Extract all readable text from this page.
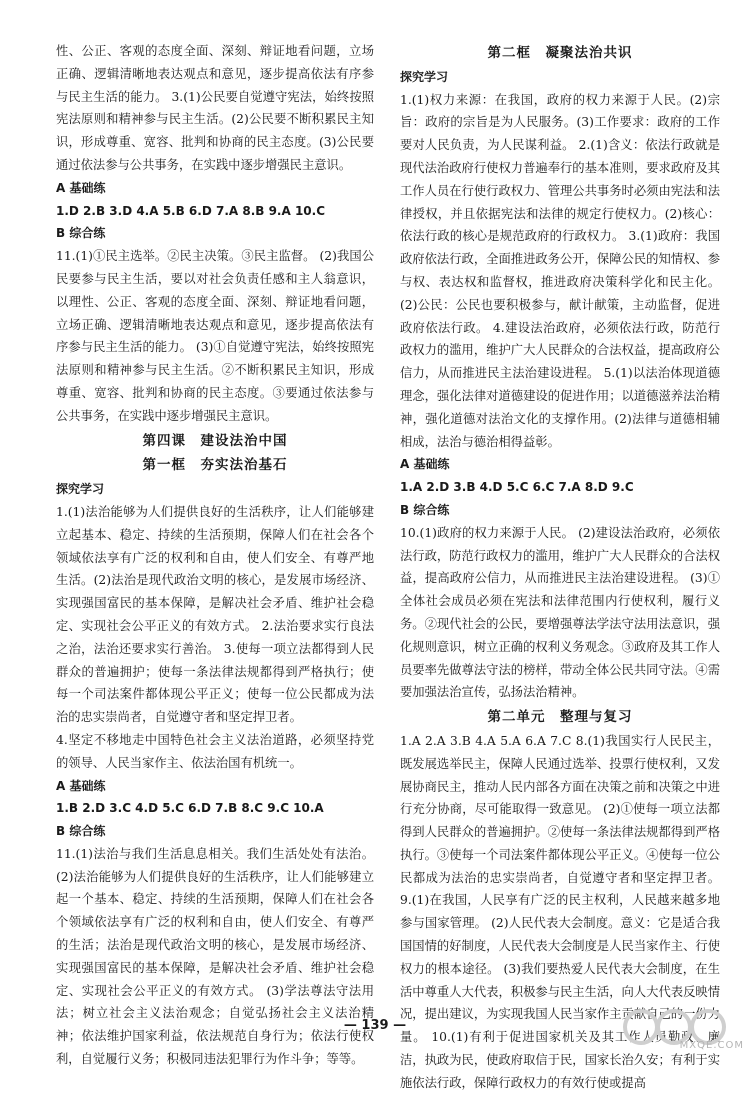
性、公正、客观的态度全面、深刻、辩证地看问题，立场正确、逻辑清晰地表达观点和意见，逐步提高依法有序参与民主生活的能力。 3.(1)公民要自觉遵守宪法，始终按照宪法原则和精神参与民主生活。(2)公民要不断积累民主知识，形成尊重、宽容、批判和协商的民主态度。(3)公民要通过依法参与公共事务，在实践中逐步增强民主意识。

A 基础练

1.D 2.B 3.D 4.A 5.B 6.D 7.A 8.B 9.A 10.C

B 综合练

11.(1)①民主选举。②民主决策。③民主监督。 (2)我国公民要参与民主生活，要以对社会负责任感和主人翁意识，以理性、公正、客观的态度全面、深刻、辩证地看问题，立场正确、逻辑清晰地表达观点和意见，逐步提高依法有序参与民主生活的能力。 (3)①自觉遵守宪法，始终按照宪法原则和精神参与民主生活。②不断积累民主知识，形成尊重、宽容、批判和协商的民主态度。③要通过依法参与公共事务，在实践中逐步增强民主意识。

第四课　建设法治中国
第一框　夯实法治基石
探究学习

1.(1)法治能够为人们提供良好的生活秩序，让人们能够建立起基本、稳定、持续的生活预期，保障人们在社会各个领域依法享有广泛的权利和自由，使人们安全、有尊严地生活。(2)法治是现代政治文明的核心，是发展市场经济、实现强国富民的基本保障，是解决社会矛盾、维护社会稳定、实现社会公平正义的有效方式。 2.法治要求实行良法之治，法治还要求实行善治。 3.使每一项立法都得到人民群众的普遍拥护；使每一条法律法规都得到严格执行；使每一个司法案件都体现公平正义；使每一位公民都成为法治的忠实崇尚者，自觉遵守者和坚定捍卫者。

4.坚定不移地走中国特色社会主义法治道路，必须坚持党的领导、人民当家作主、依法治国有机统一。

A 基础练

1.B 2.D 3.C 4.D 5.C 6.D 7.B 8.C 9.C 10.A

B 综合练

11.(1)法治与我们生活息息相关。我们生活处处有法治。 (2)法治能够为人们提供良好的生活秩序，让人们能够建立起一个基本、稳定、持续的生活预期，保障人们在社会各个领域依法享有广泛的权利和自由，使人们安全、有尊严的生活；法治是现代政治文明的核心，是发展市场经济、实现强国富民的基本保障，是解决社会矛盾、维护社会稳定、实现社会公平正义的有效方式。 (3)学法尊法守法用法；树立社会主义法治观念；自觉弘扬社会主义法治精神；依法维护国家利益，依法规范自身行为；依法行使权利，自觉履行义务；积极同违法犯罪行为作斗争；等等。

第二框　凝聚法治共识
探究学习

1.(1)权力来源：在我国，政府的权力来源于人民。(2)宗旨：政府的宗旨是为人民服务。(3)工作要求：政府的工作要对人民负责，为人民谋利益。 2.(1)含义：依法行政就是现代法治政府行使权力普遍奉行的基本准则，要求政府及其工作人员在行使行政权力、管理公共事务时必须由宪法和法律授权，并且依据宪法和法律的规定行使权力。(2)核心：依法行政的核心是规范政府的行政权力。 3.(1)政府：我国政府依法行政，全面推进政务公开，保障公民的知情权、参与权、表达权和监督权，推进政府决策科学化和民主化。(2)公民：公民也要积极参与，献计献策，主动监督，促进政府依法行政。 4.建设法治政府，必须依法行政，防范行政权力的滥用，维护广大人民群众的合法权益，提高政府公信力，从而推进民主法治建设进程。 5.(1)以法治体现道德理念，强化法律对道德建设的促进作用；以道德滋养法治精神，强化道德对法治文化的支撑作用。(2)法律与道德相辅相成，法治与德治相得益彰。

A 基础练

1.A 2.D 3.B 4.D 5.C 6.C 7.A 8.D 9.C

B 综合练

10.(1)政府的权力来源于人民。 (2)建设法治政府，必须依法行政，防范行政权力的滥用，维护广大人民群众的合法权益，提高政府公信力，从而推进民主法治建设进程。 (3)①全体社会成员必须在宪法和法律范围内行使权利，履行义务。②现代社会的公民，要增强尊法学法守法用法意识，强化规则意识，树立正确的权利义务观念。③政府及其工作人员要率先做尊法守法的榜样，带动全体公民共同守法。④需要加强法治宣传，弘扬法治精神。

第二单元　整理与复习

1.A 2.A 3.B 4.A 5.A 6.A 7.C 8.(1)我国实行人民民主，既发展选举民主，保障人民通过选举、投票行使权利，又发展协商民主，推动人民内部各方面在决策之前和决策之中进行充分协商，尽可能取得一致意见。 (2)①使每一项立法都得到人民群众的普遍拥护。②使每一条法律法规都得到严格执行。③使每一个司法案件都体现公平正义。④使每一位公民都成为法治的忠实崇尚者，自觉遵守者和坚定捍卫者。 9.(1)在我国，人民享有广泛的民主权利，人民越来越多地参与国家管理。 (2)人民代表大会制度。意义：它是适合我国国情的好制度，人民代表大会制度是人民当家作主、行使权力的根本途径。 (3)我们要热爱人民代表大会制度，在生活中尊重人大代表，积极参与民主生活，向人大代表反映情况，提出建议，为实现我国人民当家作主贡献自己的一份力量。 10.(1)有利于促进国家机关及其工作人员勤政、廉洁，执政为民，使政府取信于民，国家长治久安；有利于实施依法行政，保障行政权力的有效行使或提高

— 139 —
MXQE.COM
